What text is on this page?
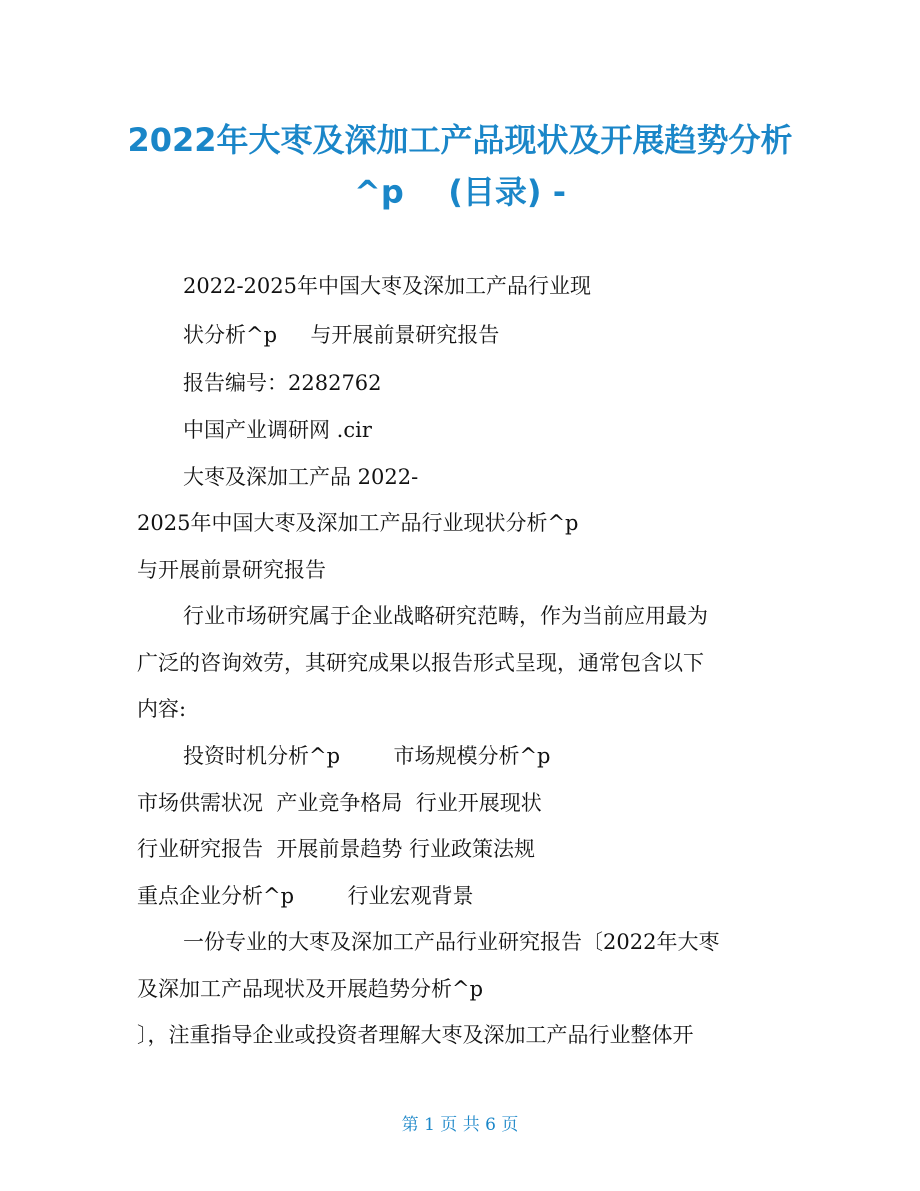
2022年大枣及深加工产品现状及开展趋势分析
^p    (目录) -
2022-2025年中国大枣及深加工产品行业现
状分析^p     与开展前景研究报告
报告编号：2282762
中国产业调研网 .cir
大枣及深加工产品 2022-
2025年中国大枣及深加工产品行业现状分析^p
与开展前景研究报告
行业市场研究属于企业战略研究范畴，作为当前应用最为
广泛的咨询效劳，其研究成果以报告形式呈现，通常包含以下
内容:
投资时机分析^p        市场规模分析^p
市场供需状况  产业竞争格局  行业开展现状
行业研究报告  开展前景趋势 行业政策法规
重点企业分析^p        行业宏观背景
一份专业的大枣及深加工产品行业研究报告〔2022年大枣
及深加工产品现状及开展趋势分析^p
〕，注重指导企业或投资者理解大枣及深加工产品行业整体开
第 1 页 共 6 页
